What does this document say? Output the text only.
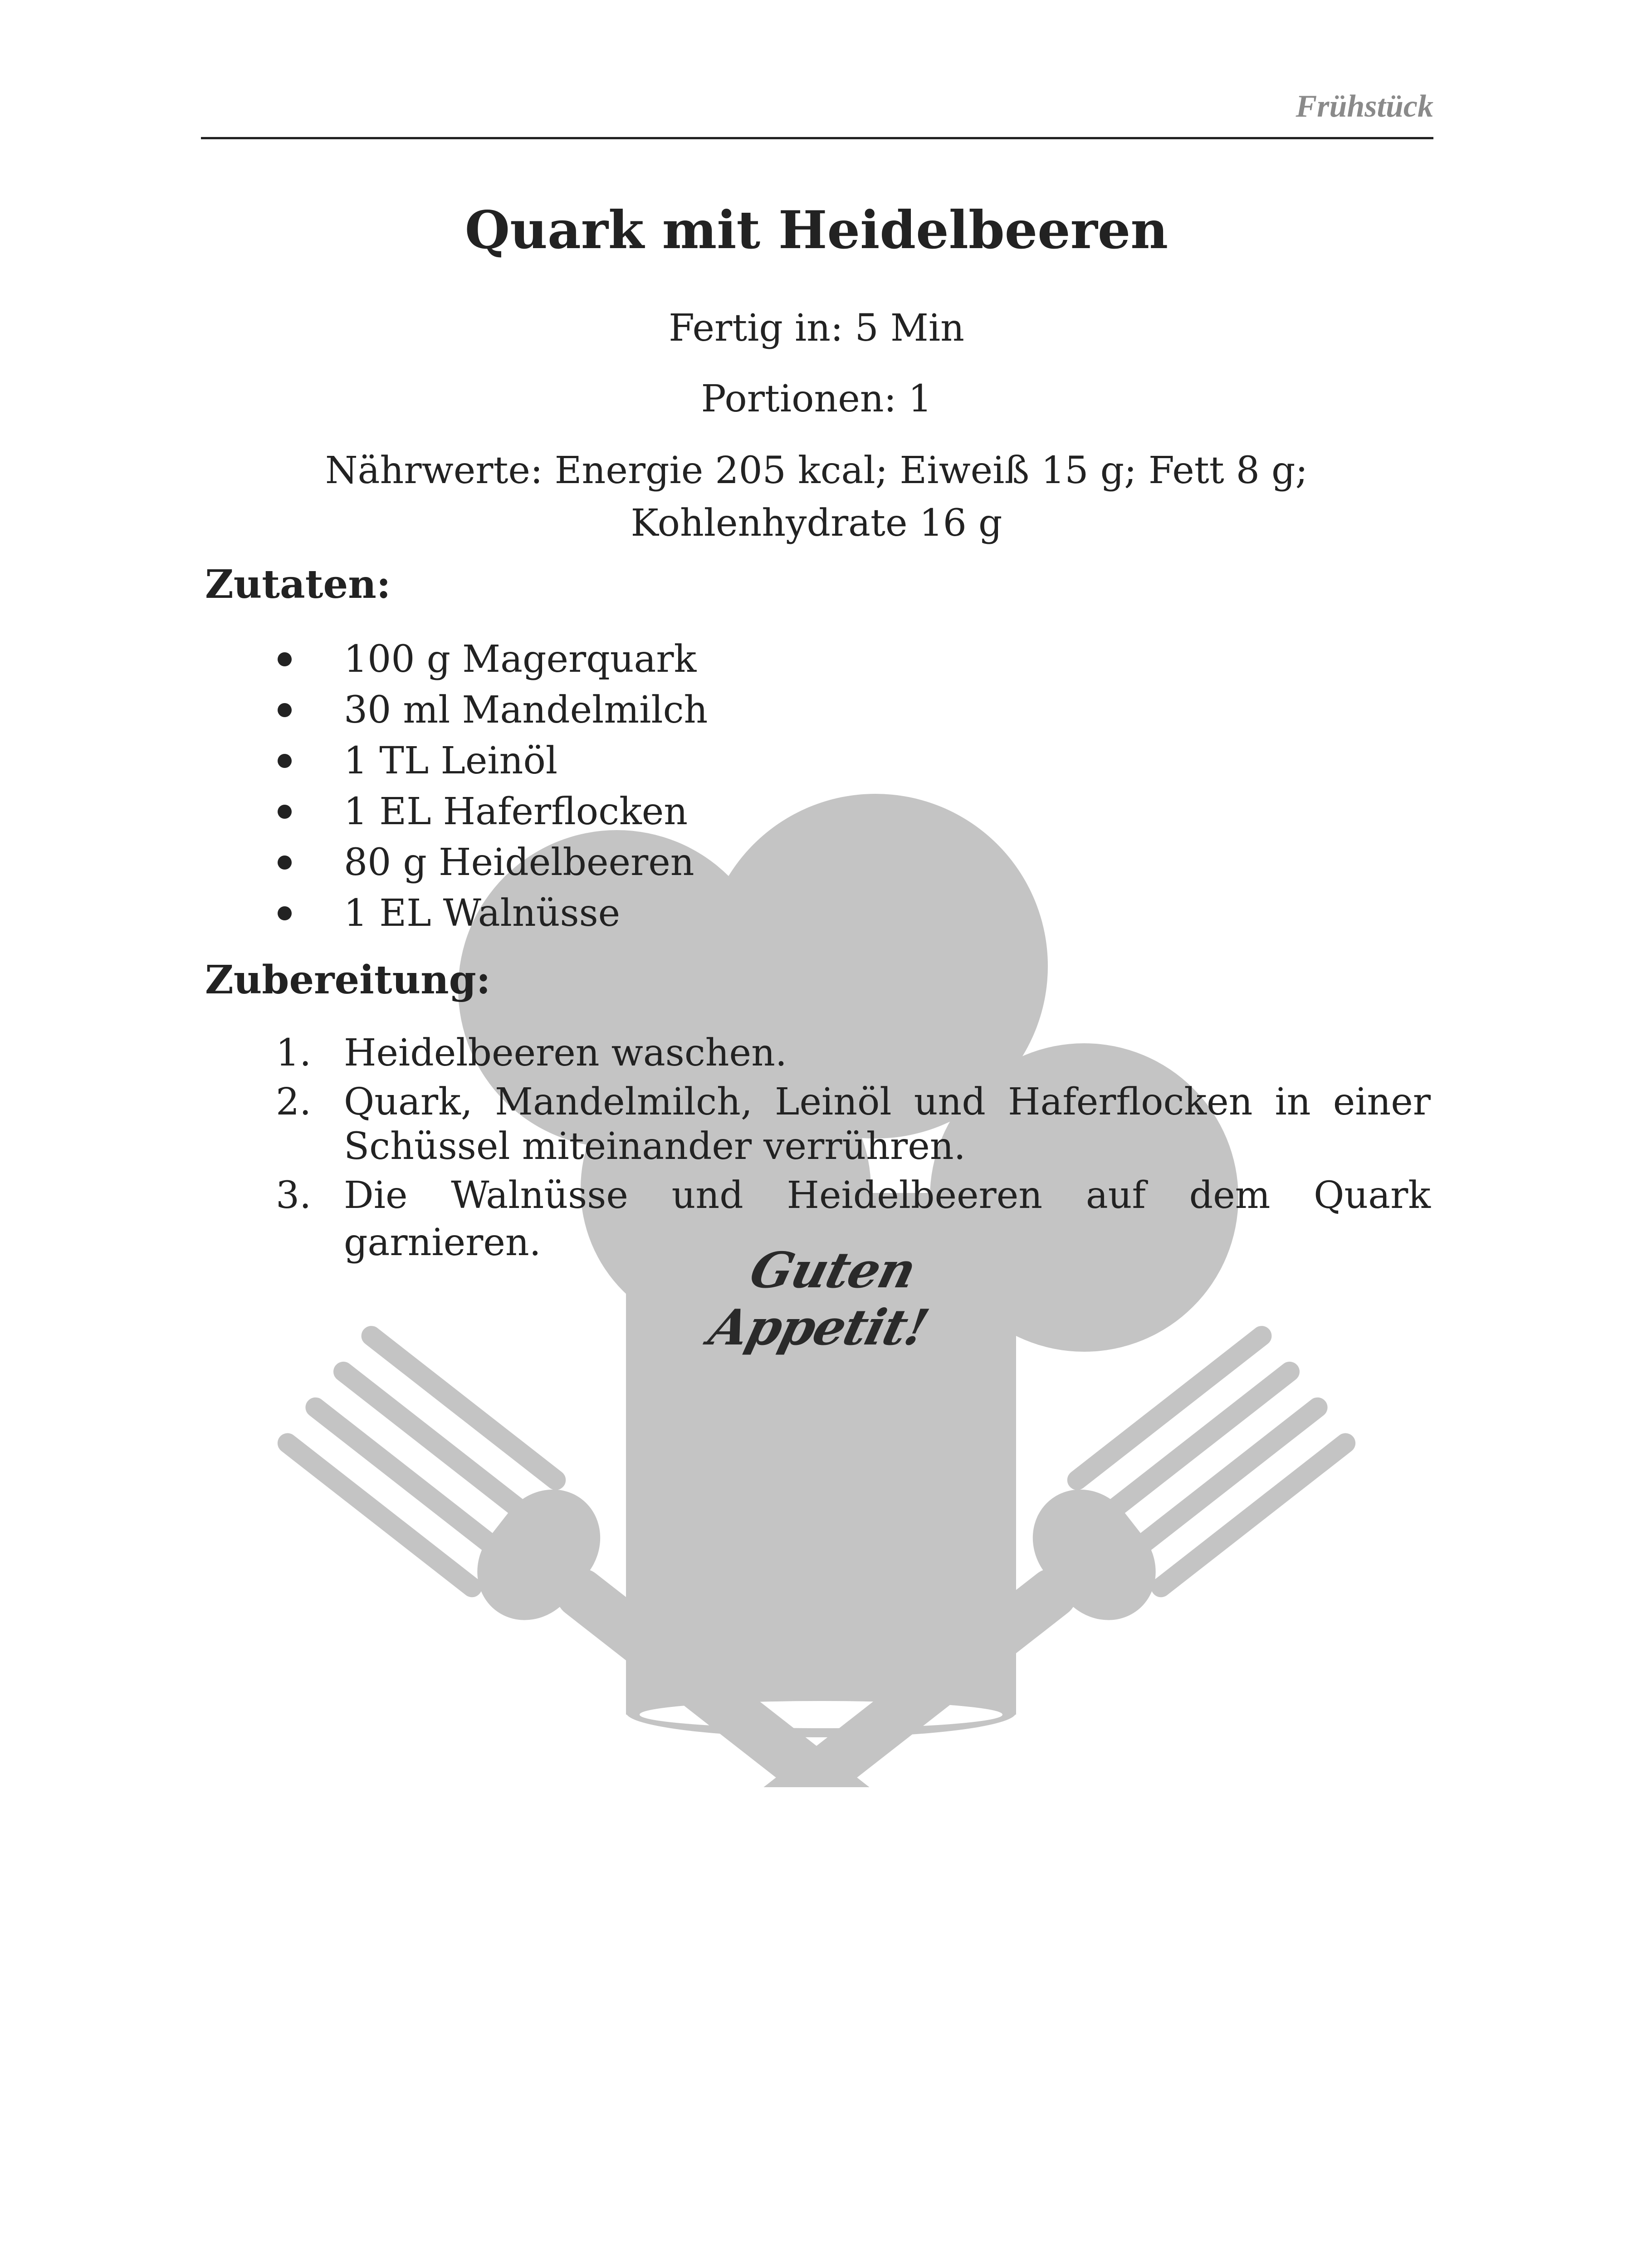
Frühstück
Quark mit Heidelbeeren
Fertig in: 5 Min
Portionen: 1
Nährwerte: Energie 205 kcal; Eiweiß 15 g; Fett 8 g;
Kohlenhydrate 16 g
Zutaten:
100 g Magerquark
30 ml Mandelmilch
1 TL Leinöl
1 EL Haferflocken
80 g Heidelbeeren
1 EL Walnüsse
Zubereitung:
1. Heidelbeeren waschen.
2. Quark, Mandelmilch, Leinöl und Haferflocken in einer
Schüssel miteinander verrühren.
3. Die Walnüsse und Heidelbeeren auf dem Quark garnieren.	Guten Appetit!
